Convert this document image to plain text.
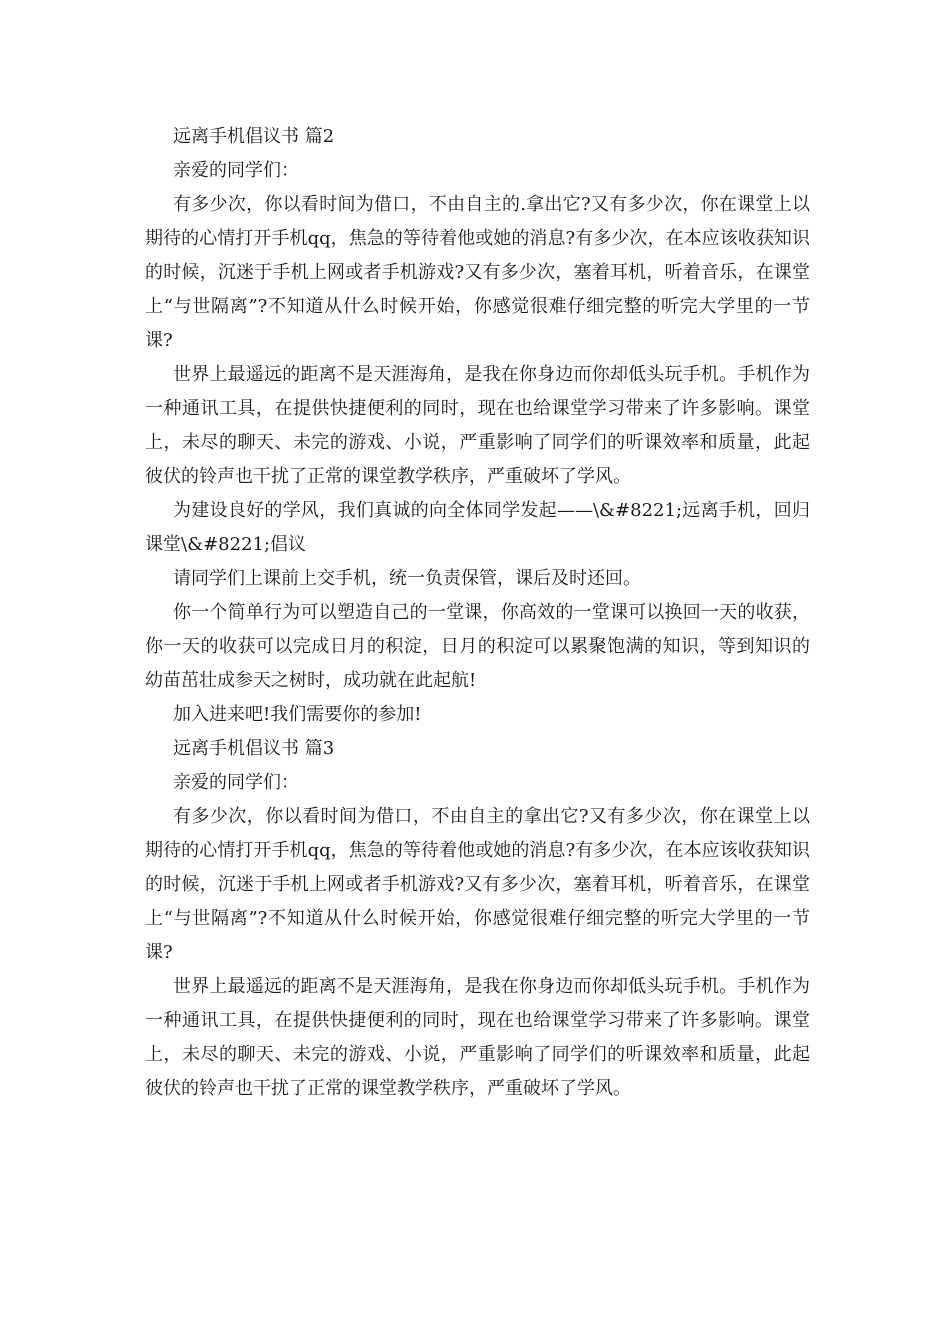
远离手机倡议书 篇2

亲爱的同学们：

有多少次，你以看时间为借口，不由自主的.拿出它?又有多少次，你在课堂上以期待的心情打开手机qq，焦急的等待着他或她的消息?有多少次，在本应该收获知识的时候，沉迷于手机上网或者手机游戏?又有多少次，塞着耳机，听着音乐，在课堂上“与世隔离”?不知道从什么时候开始，你感觉很难仔细完整的听完大学里的一节课?

世界上最遥远的距离不是天涯海角，是我在你身边而你却低头玩手机。手机作为一种通讯工具，在提供快捷便利的同时，现在也给课堂学习带来了许多影响。课堂上，未尽的聊天、未完的游戏、小说，严重影响了同学们的听课效率和质量，此起彼伏的铃声也干扰了正常的课堂教学秩序，严重破坏了学风。

为建设良好的学风，我们真诚的向全体同学发起——\&#8221;远离手机，回归课堂\&#8221;倡议

请同学们上课前上交手机，统一负责保管，课后及时还回。

你一个简单行为可以塑造自己的一堂课，你高效的一堂课可以换回一天的收获，你一天的收获可以完成日月的积淀，日月的积淀可以累聚饱满的知识，等到知识的幼苗茁壮成参天之树时，成功就在此起航!

加入进来吧!我们需要你的参加!

远离手机倡议书 篇3

亲爱的同学们：

有多少次，你以看时间为借口，不由自主的拿出它?又有多少次，你在课堂上以期待的心情打开手机qq，焦急的等待着他或她的消息?有多少次，在本应该收获知识的时候，沉迷于手机上网或者手机游戏?又有多少次，塞着耳机，听着音乐，在课堂上“与世隔离”?不知道从什么时候开始，你感觉很难仔细完整的听完大学里的一节课?

世界上最遥远的距离不是天涯海角，是我在你身边而你却低头玩手机。手机作为一种通讯工具，在提供快捷便利的同时，现在也给课堂学习带来了许多影响。课堂上，未尽的聊天、未完的游戏、小说，严重影响了同学们的听课效率和质量，此起彼伏的铃声也干扰了正常的课堂教学秩序，严重破坏了学风。
